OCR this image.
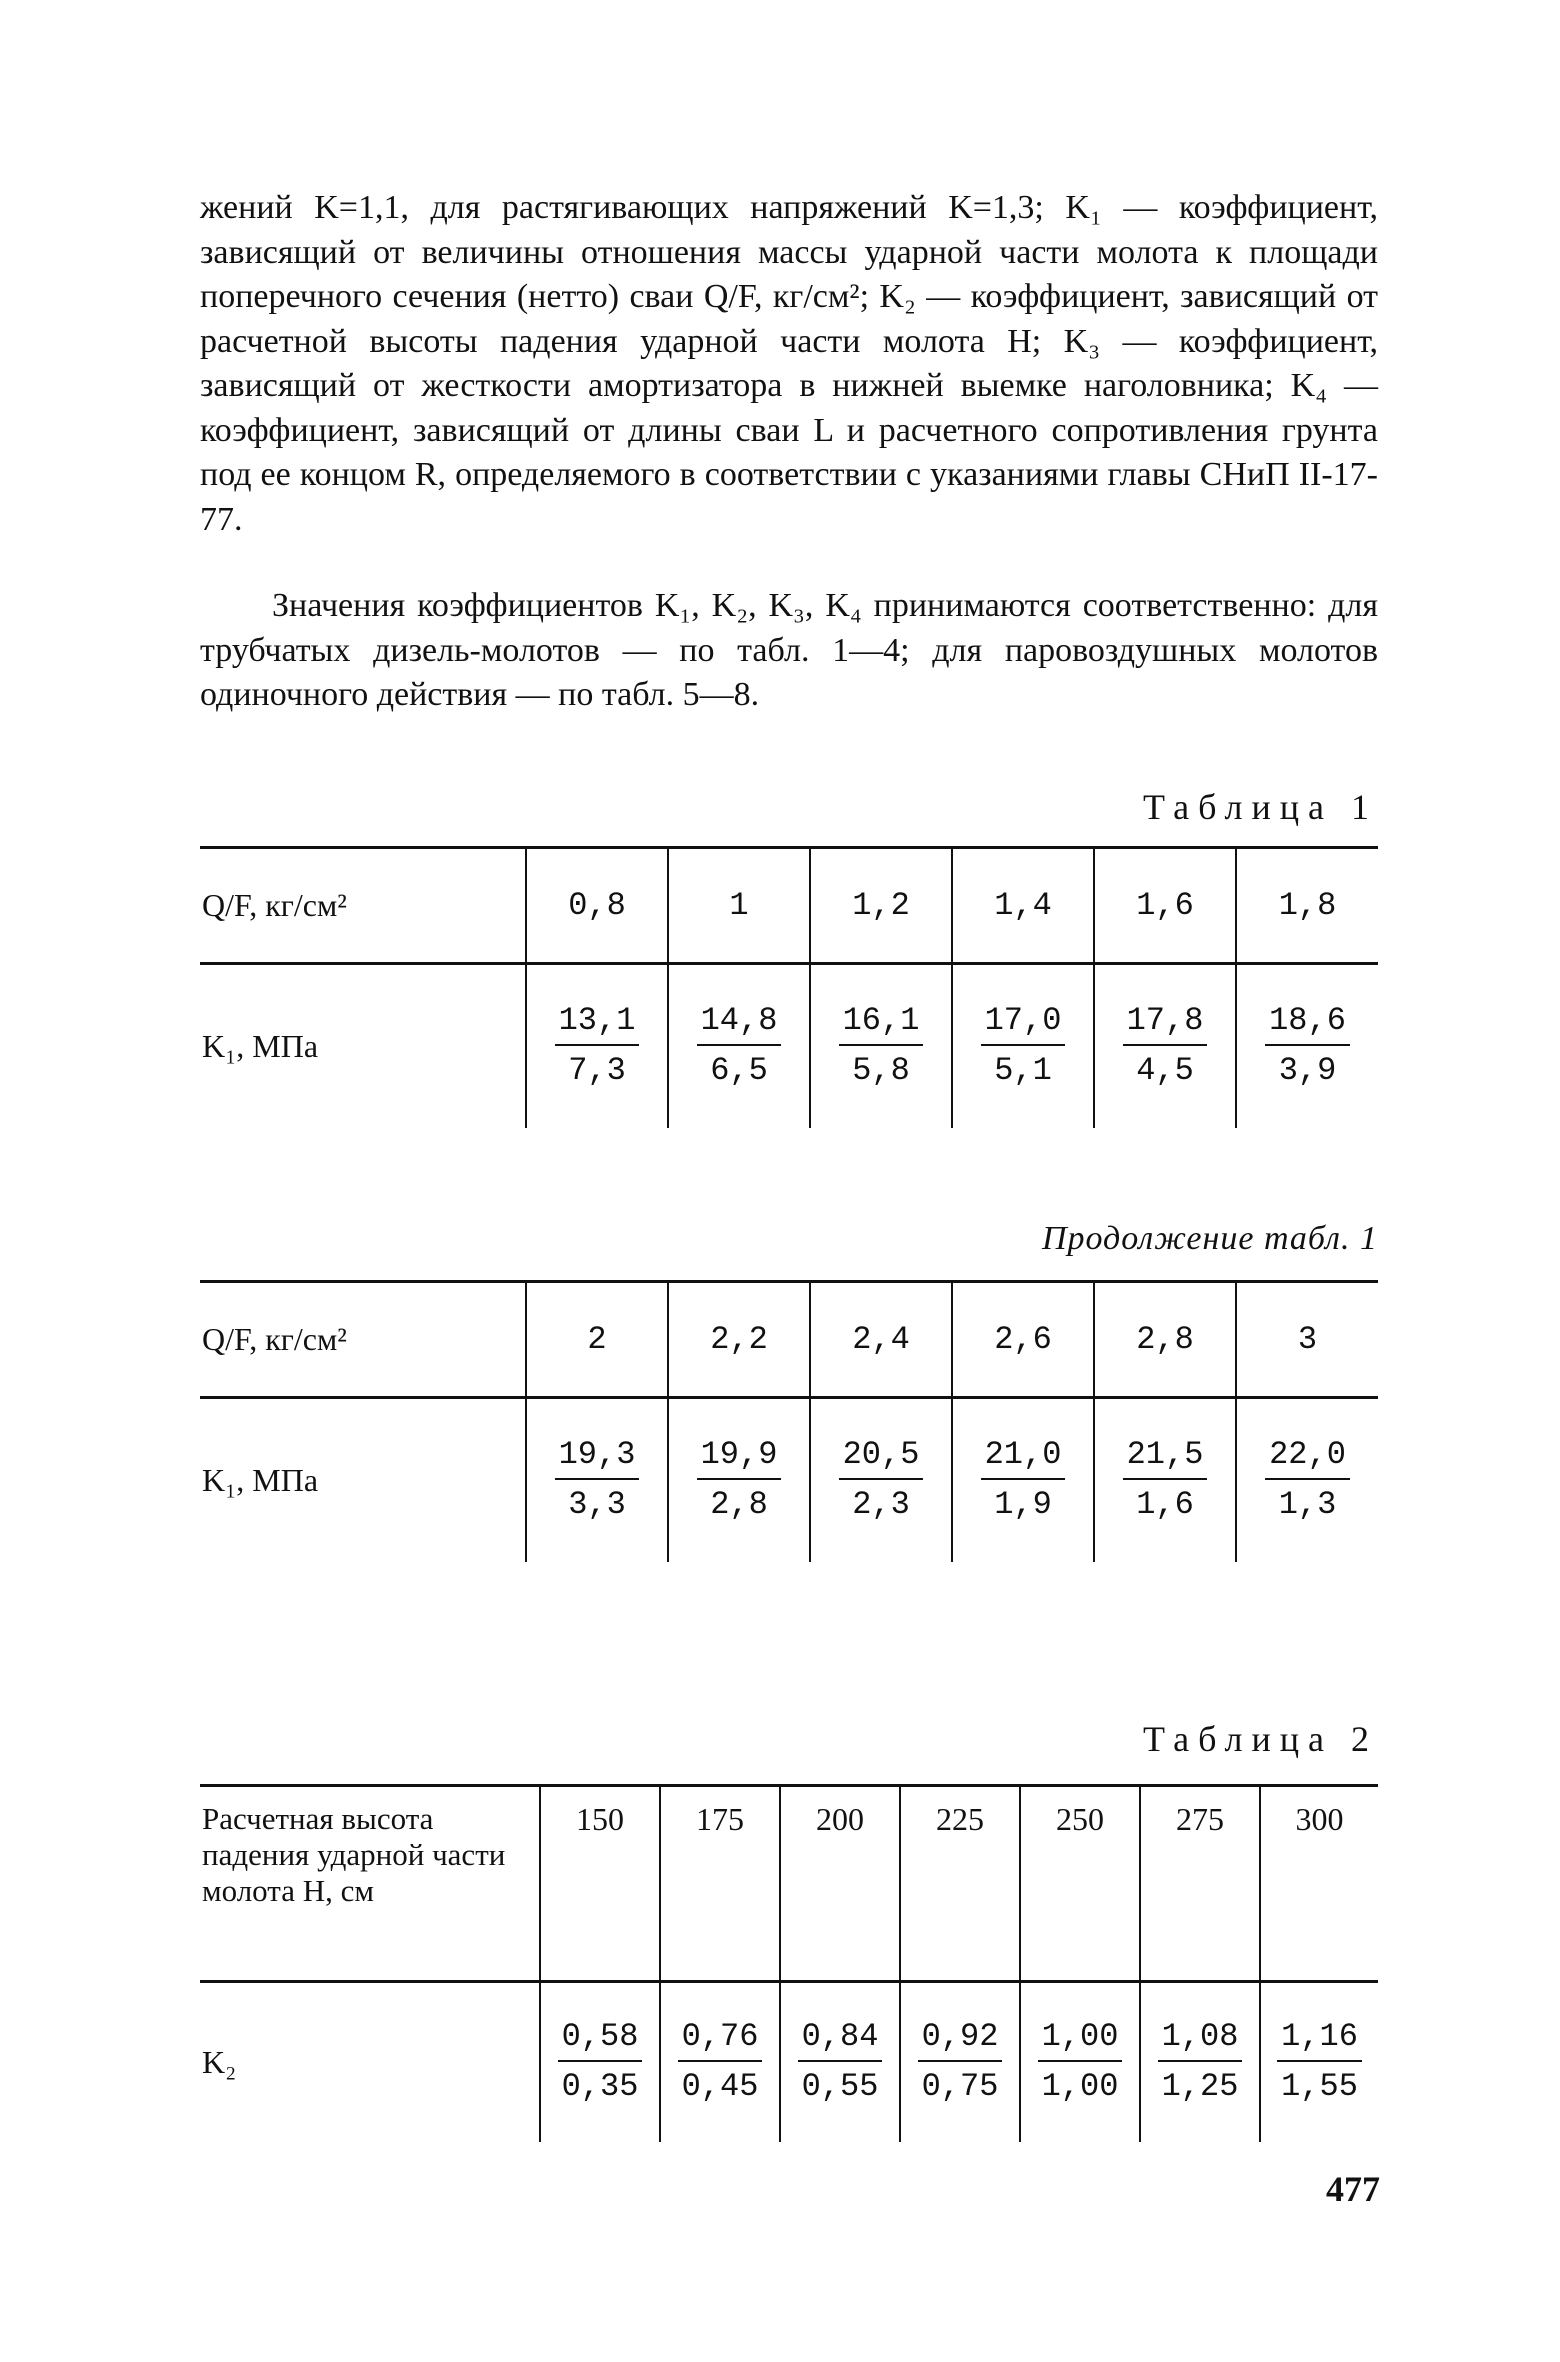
жений K=1,1, для растягивающих напряжений K=1,3; K₁ — коэффициент, зависящий от величины отношения массы ударной части молота к площади поперечного сечения (нетто) сваи Q/F, кг/см²; K₂ — коэффициент, зависящий от расчетной высоты падения ударной части молота H; K₃ — коэффициент, зависящий от жесткости амортизатора в нижней выемке наголовника; K₄ — коэффициент, зависящий от длины сваи L и расчетного сопротивления грунта под ее концом R, определяемого в соответствии с указаниями главы СНиП II-17-77.

Значения коэффициентов K₁, K₂, K₃, K₄ принимаются соответственно: для трубчатых дизель-молотов — по табл. 1—4; для паровоздушных молотов одиночного действия — по табл. 5—8.

Таблица 1
Q/F, кг/см²	0,8	1	1,2	1,4	1,6	1,8
K₁, МПа	$\frac{13,1}{7,3}$	$\frac{14,8}{6,5}$	$\frac{16,1}{5,8}$	$\frac{17,0}{5,1}$	$\frac{17,8}{4,5}$	$\frac{18,6}{3,9}$
Продолжение табл. 1
Q/F, кг/см²	2	2,2	2,4	2,6	2,8	3
K₁, МПа	$\frac{19,3}{3,3}$	$\frac{19,9}{2,8}$	$\frac{20,5}{2,3}$	$\frac{21,0}{1,9}$	$\frac{21,5}{1,6}$	$\frac{22,0}{1,3}$
Таблица 2
Расчетная высота падения ударной части молота H, см	150	175	200	225	250	275	300
K₂	$\frac{0,58}{0,35}$	$\frac{0,76}{0,45}$	$\frac{0,84}{0,55}$	$\frac{0,92}{0,75}$	$\frac{1,00}{1,00}$	$\frac{1,08}{1,25}$	$\frac{1,16}{1,55}$
477
